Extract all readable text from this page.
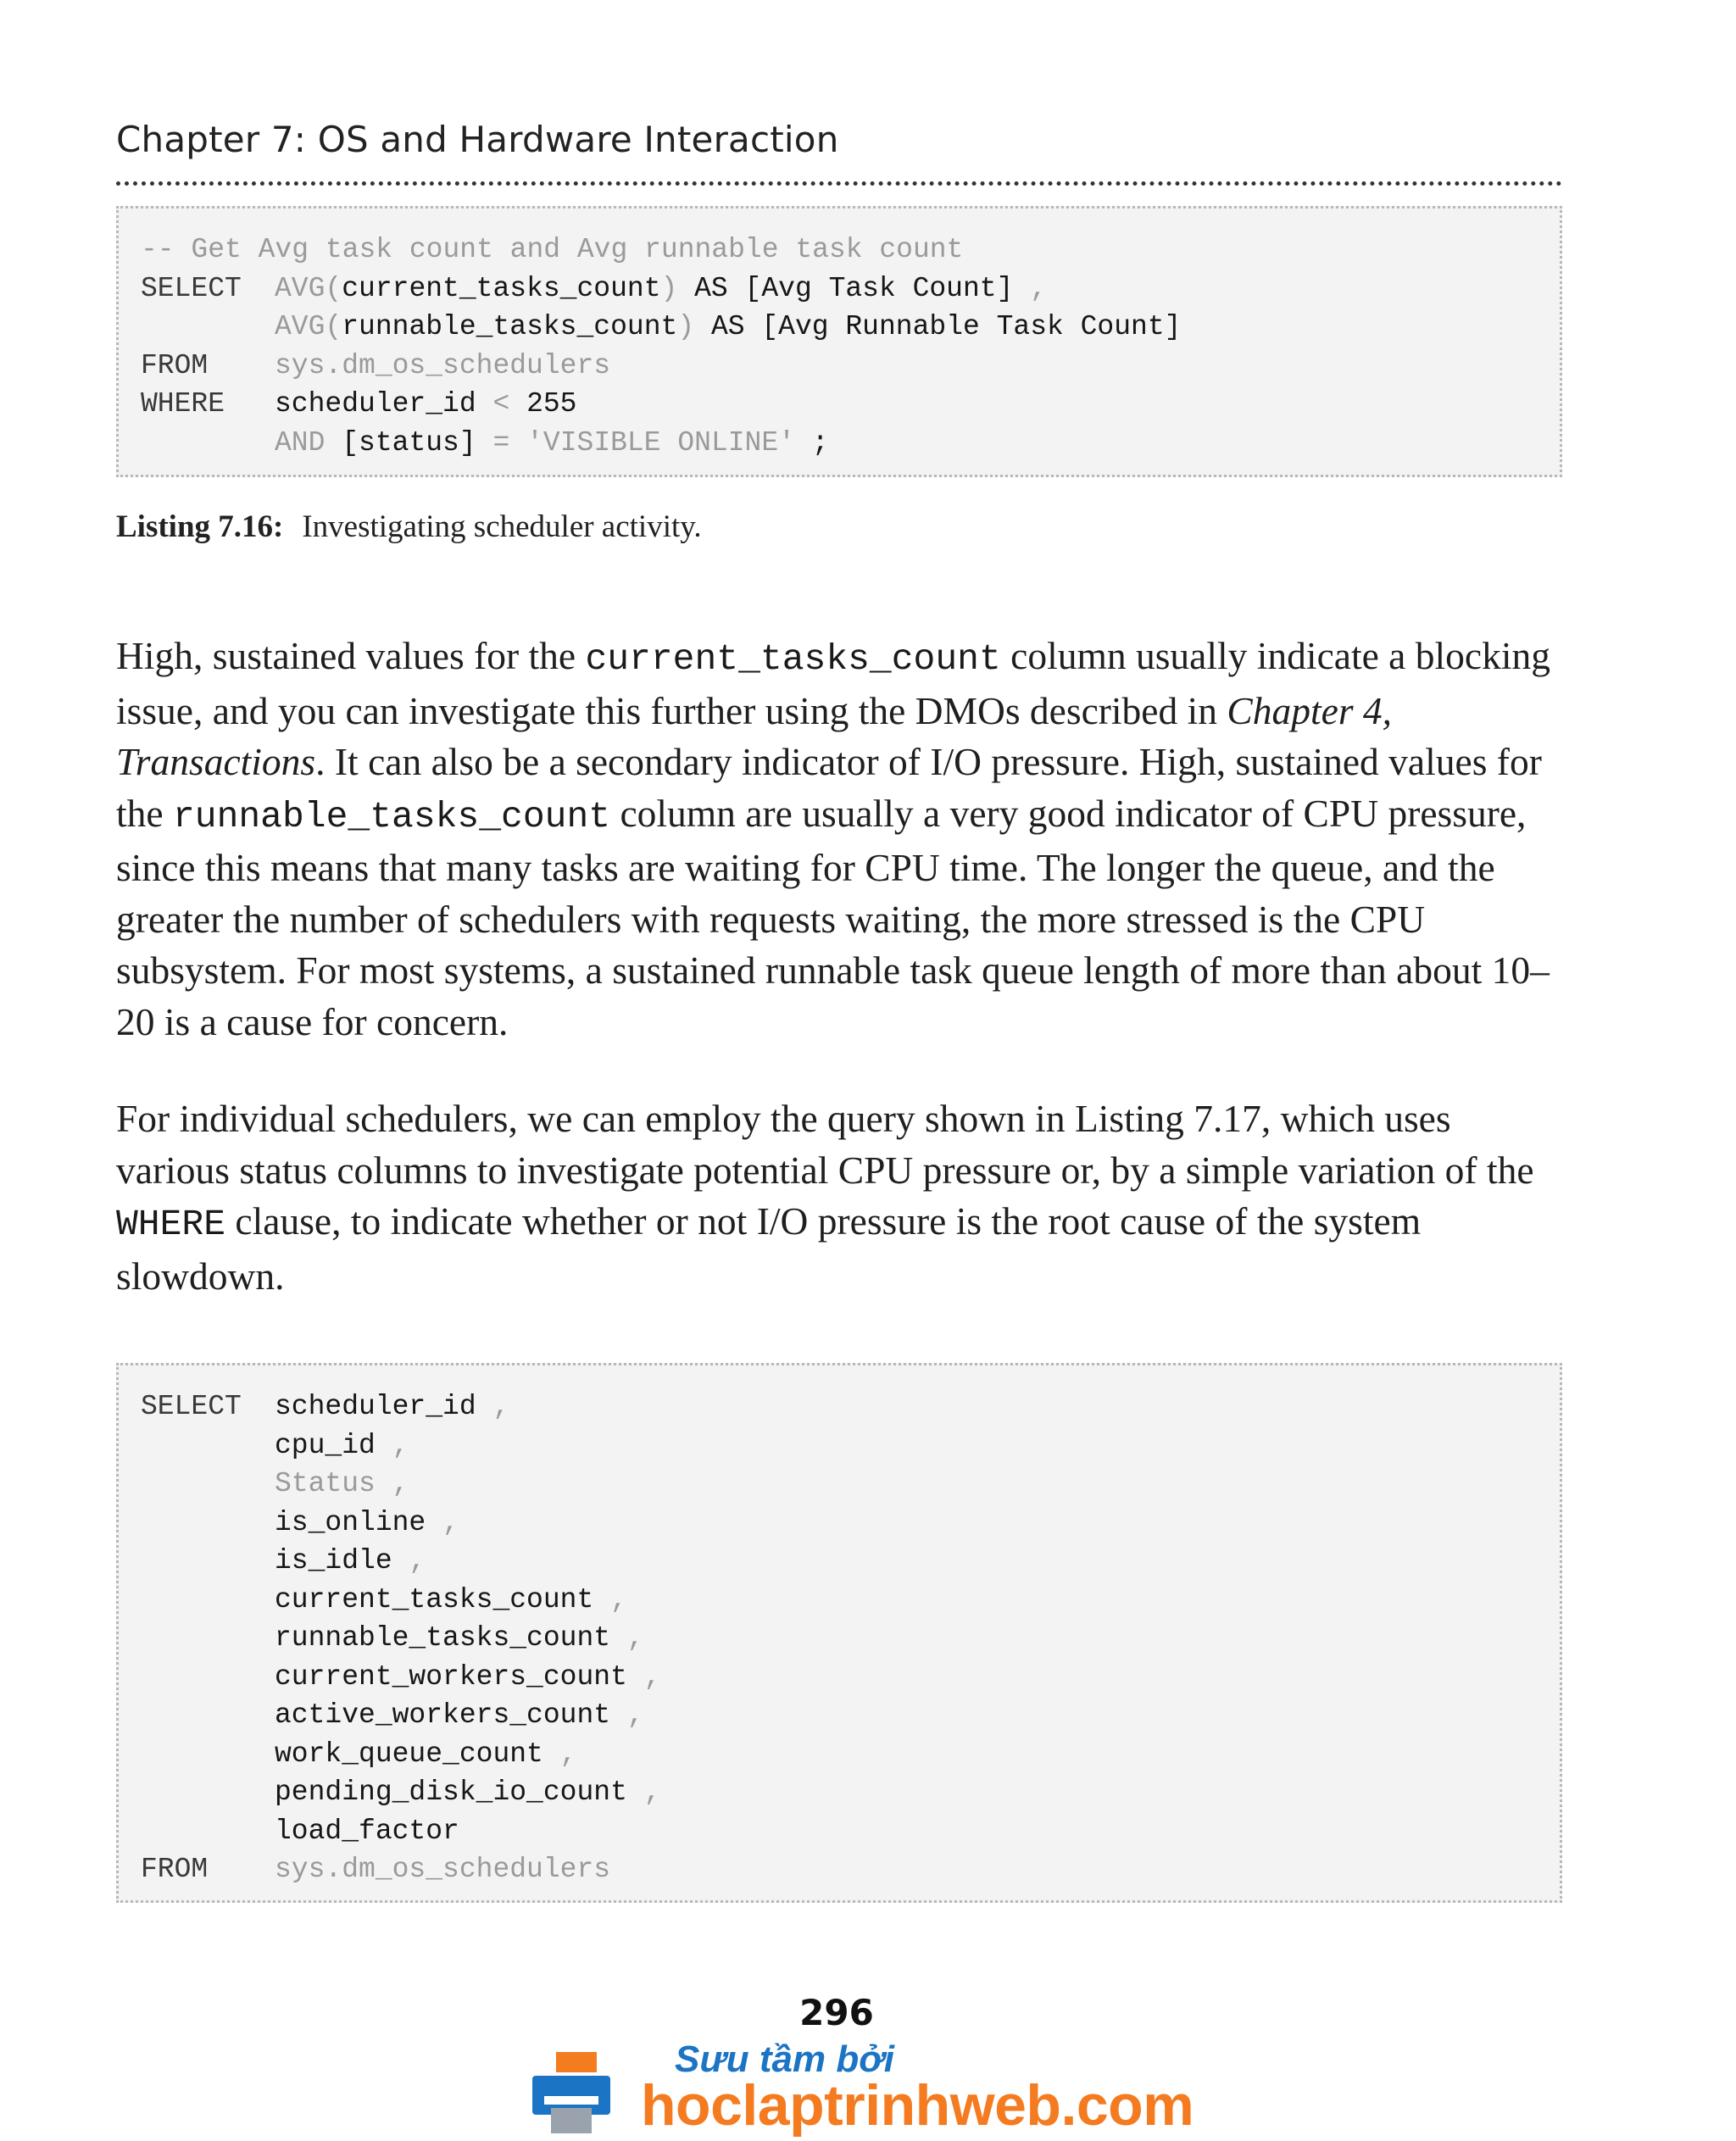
Chapter 7: OS and Hardware Interaction
-- Get Avg task count and Avg runnable task count
SELECT AVG(current_tasks_count) AS [Avg Task Count] ,
AVG(runnable_tasks_count) AS [Avg Runnable Task Count]
FROM sys.dm_os_schedulers
WHERE scheduler_id < 255
AND [status] = 'VISIBLE ONLINE' ;
Listing 7.16: Investigating scheduler activity.

High, sustained values for the current_tasks_count column usually indicate a blocking issue, and you can investigate this further using the DMOs described in Chapter 4, Transactions. It can also be a secondary indicator of I/O pressure. High, sustained values for the runnable_tasks_count column are usually a very good indicator of CPU pressure, since this means that many tasks are waiting for CPU time. The longer the queue, and the greater the number of schedulers with requests waiting, the more stressed is the CPU subsystem. For most systems, a sustained runnable task queue length of more than about 10–20 is a cause for concern.

For individual schedulers, we can employ the query shown in Listing 7.17, which uses various status columns to investigate potential CPU pressure or, by a simple variation of the WHERE clause, to indicate whether or not I/O pressure is the root cause of the system slowdown.

SELECT scheduler_id ,
cpu_id ,
Status ,
is_online ,
is_idle ,
current_tasks_count ,
runnable_tasks_count ,
current_workers_count ,
active_workers_count ,
work_queue_count ,
pending_disk_io_count ,
load_factor
FROM sys.dm_os_schedulers
296
Sưu tầm bởi
hoclaptrinhweb.com
